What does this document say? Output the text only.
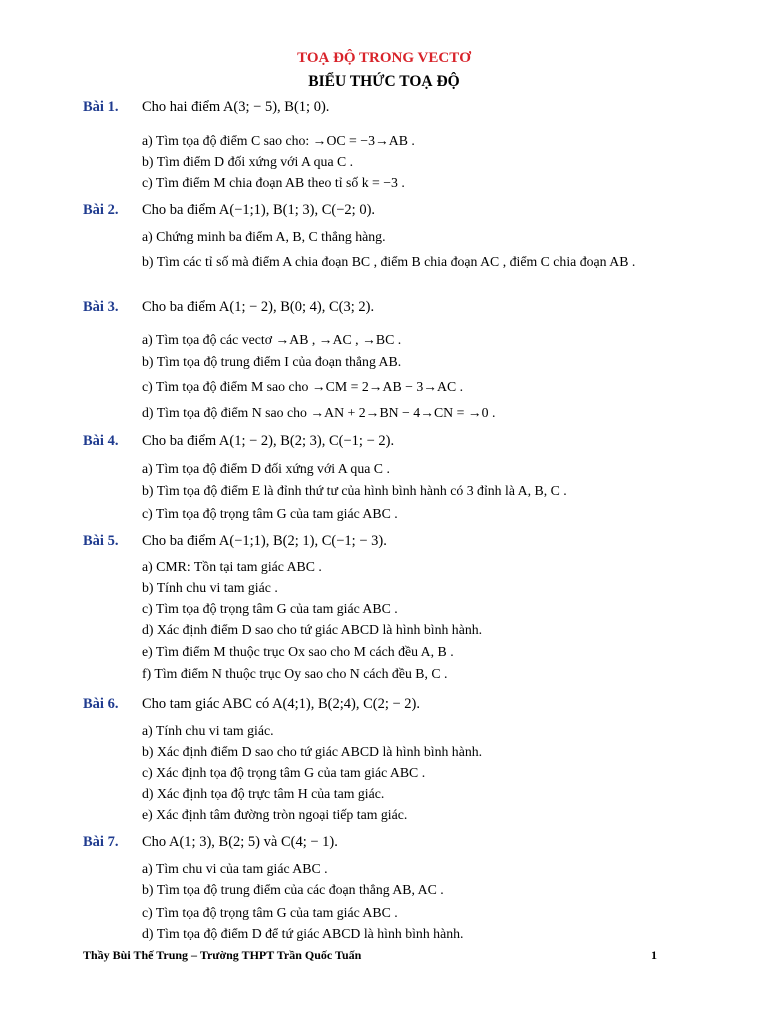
TOẠ ĐỘ TRONG VECTƠ
BIỂU THỨC TOẠ ĐỘ
Bài 1. Cho hai điểm A(3; − 5), B(1; 0).
a) Tìm tọa độ điểm C sao cho: →OC = −3→AB .
b) Tìm điểm D đối xứng với A qua C .
c) Tìm điểm M chia đoạn AB theo tỉ số k = −3 .
Bài 2. Cho ba điểm A(−1;1), B(1; 3), C(−2; 0).
a) Chứng minh ba điểm A, B, C thẳng hàng.
b) Tìm các tỉ số mà điểm A chia đoạn BC , điểm B chia đoạn AC , điểm C chia đoạn AB .
Bài 3. Cho ba điểm A(1; − 2), B(0; 4), C(3; 2).
a) Tìm tọa độ các vectơ →AB , →AC , →BC .
b) Tìm tọa độ trung điểm I của đoạn thẳng AB.
c) Tìm tọa độ điểm M sao cho →CM = 2→AB − 3→AC .
d) Tìm tọa độ điểm N sao cho →AN + 2→BN − 4→CN = →0 .
Bài 4. Cho ba điểm A(1; − 2), B(2; 3), C(−1; − 2).
a) Tìm tọa độ điểm D đối xứng với A qua C .
b) Tìm tọa độ điểm E là đỉnh thứ tư của hình bình hành có 3 đỉnh là A, B, C .
c) Tìm tọa độ trọng tâm G của tam giác ABC .
Bài 5. Cho ba điểm A(−1;1), B(2; 1), C(−1; − 3).
a) CMR: Tồn tại tam giác ABC .
b) Tính chu vi tam giác .
c) Tìm tọa độ trọng tâm G của tam giác ABC .
d) Xác định điểm D sao cho tứ giác ABCD là hình bình hành.
e) Tìm điểm M thuộc trục Ox sao cho M cách đều A, B .
f) Tìm điểm N thuộc trục Oy sao cho N cách đều B, C .
Bài 6. Cho tam giác ABC có A(4;1), B(2;4), C(2; − 2).
a) Tính chu vi tam giác.
b) Xác định điểm D sao cho tứ giác ABCD là hình bình hành.
c) Xác định tọa độ trọng tâm G của tam giác ABC .
d) Xác định tọa độ trực tâm H của tam giác.
e) Xác định tâm đường tròn ngoại tiếp tam giác.
Bài 7. Cho A(1; 3), B(2; 5) và C(4; − 1).
a) Tìm chu vi của tam giác ABC .
b) Tìm tọa độ trung điểm của các đoạn thẳng AB, AC .
c) Tìm tọa độ trọng tâm G của tam giác ABC .
d) Tìm tọa độ điểm D để tứ giác ABCD là hình bình hành.
Thầy Bùi Thế Trung – Trường THPT Trần Quốc Tuấn	1
